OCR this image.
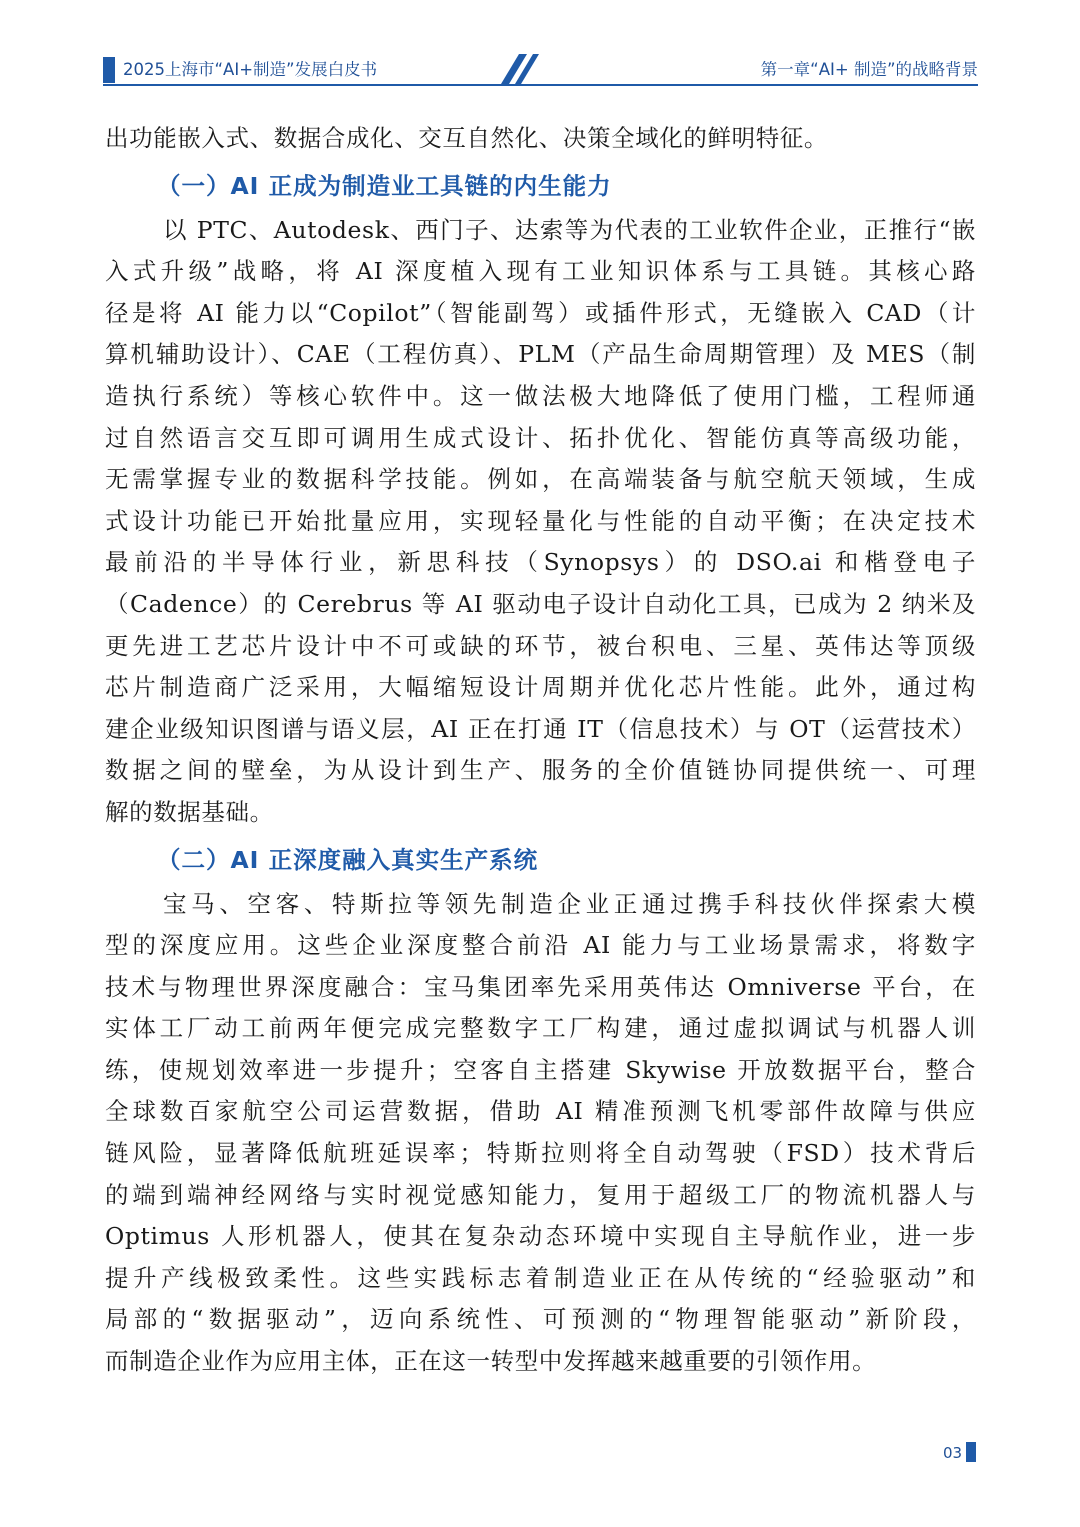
2025上海市“AI+制造”发展白皮书	第一章“AI+ 制造”的战略背景
出功能嵌入式、数据合成化、交互自然化、决策全域化的鲜明特征。
（一）AI 正成为制造业工具链的内生能力
以 PTC、Autodesk、西门子、达索等为代表的工业软件企业，正推行“嵌
入式升级”战略，将 AI 深度植入现有工业知识体系与工具链。其核心路
径是将 AI 能力以“Copilot”（智能副驾）或插件形式，无缝嵌入 CAD（计
算机辅助设计）、CAE（工程仿真）、PLM（产品生命周期管理）及 MES（制
造执行系统）等核心软件中。这一做法极大地降低了使用门槛，工程师通
过自然语言交互即可调用生成式设计、拓扑优化、智能仿真等高级功能，
无需掌握专业的数据科学技能。例如，在高端装备与航空航天领域，生成
式设计功能已开始批量应用，实现轻量化与性能的自动平衡；在决定技术
最前沿的半导体行业，新思科技（Synopsys）的 DSO.ai 和楷登电子
（Cadence）的 Cerebrus 等 AI 驱动电子设计自动化工具，已成为 2 纳米及
更先进工艺芯片设计中不可或缺的环节，被台积电、三星、英伟达等顶级
芯片制造商广泛采用，大幅缩短设计周期并优化芯片性能。此外，通过构
建企业级知识图谱与语义层，AI 正在打通 IT（信息技术）与 OT（运营技术）
数据之间的壁垒，为从设计到生产、服务的全价值链协同提供统一、可理
解的数据基础。
（二）AI 正深度融入真实生产系统
宝马、空客、特斯拉等领先制造企业正通过携手科技伙伴探索大模
型的深度应用。这些企业深度整合前沿 AI 能力与工业场景需求，将数字
技术与物理世界深度融合：宝马集团率先采用英伟达 Omniverse 平台，在
实体工厂动工前两年便完成完整数字工厂构建，通过虚拟调试与机器人训
练，使规划效率进一步提升；空客自主搭建 Skywise 开放数据平台，整合
全球数百家航空公司运营数据，借助 AI 精准预测飞机零部件故障与供应
链风险，显著降低航班延误率；特斯拉则将全自动驾驶（FSD）技术背后
的端到端神经网络与实时视觉感知能力，复用于超级工厂的物流机器人与
Optimus 人形机器人，使其在复杂动态环境中实现自主导航作业，进一步
提升产线极致柔性。这些实践标志着制造业正在从传统的“经验驱动”和
局部的“数据驱动”，迈向系统性、可预测的“物理智能驱动”新阶段，
而制造企业作为应用主体，正在这一转型中发挥越来越重要的引领作用。
03
